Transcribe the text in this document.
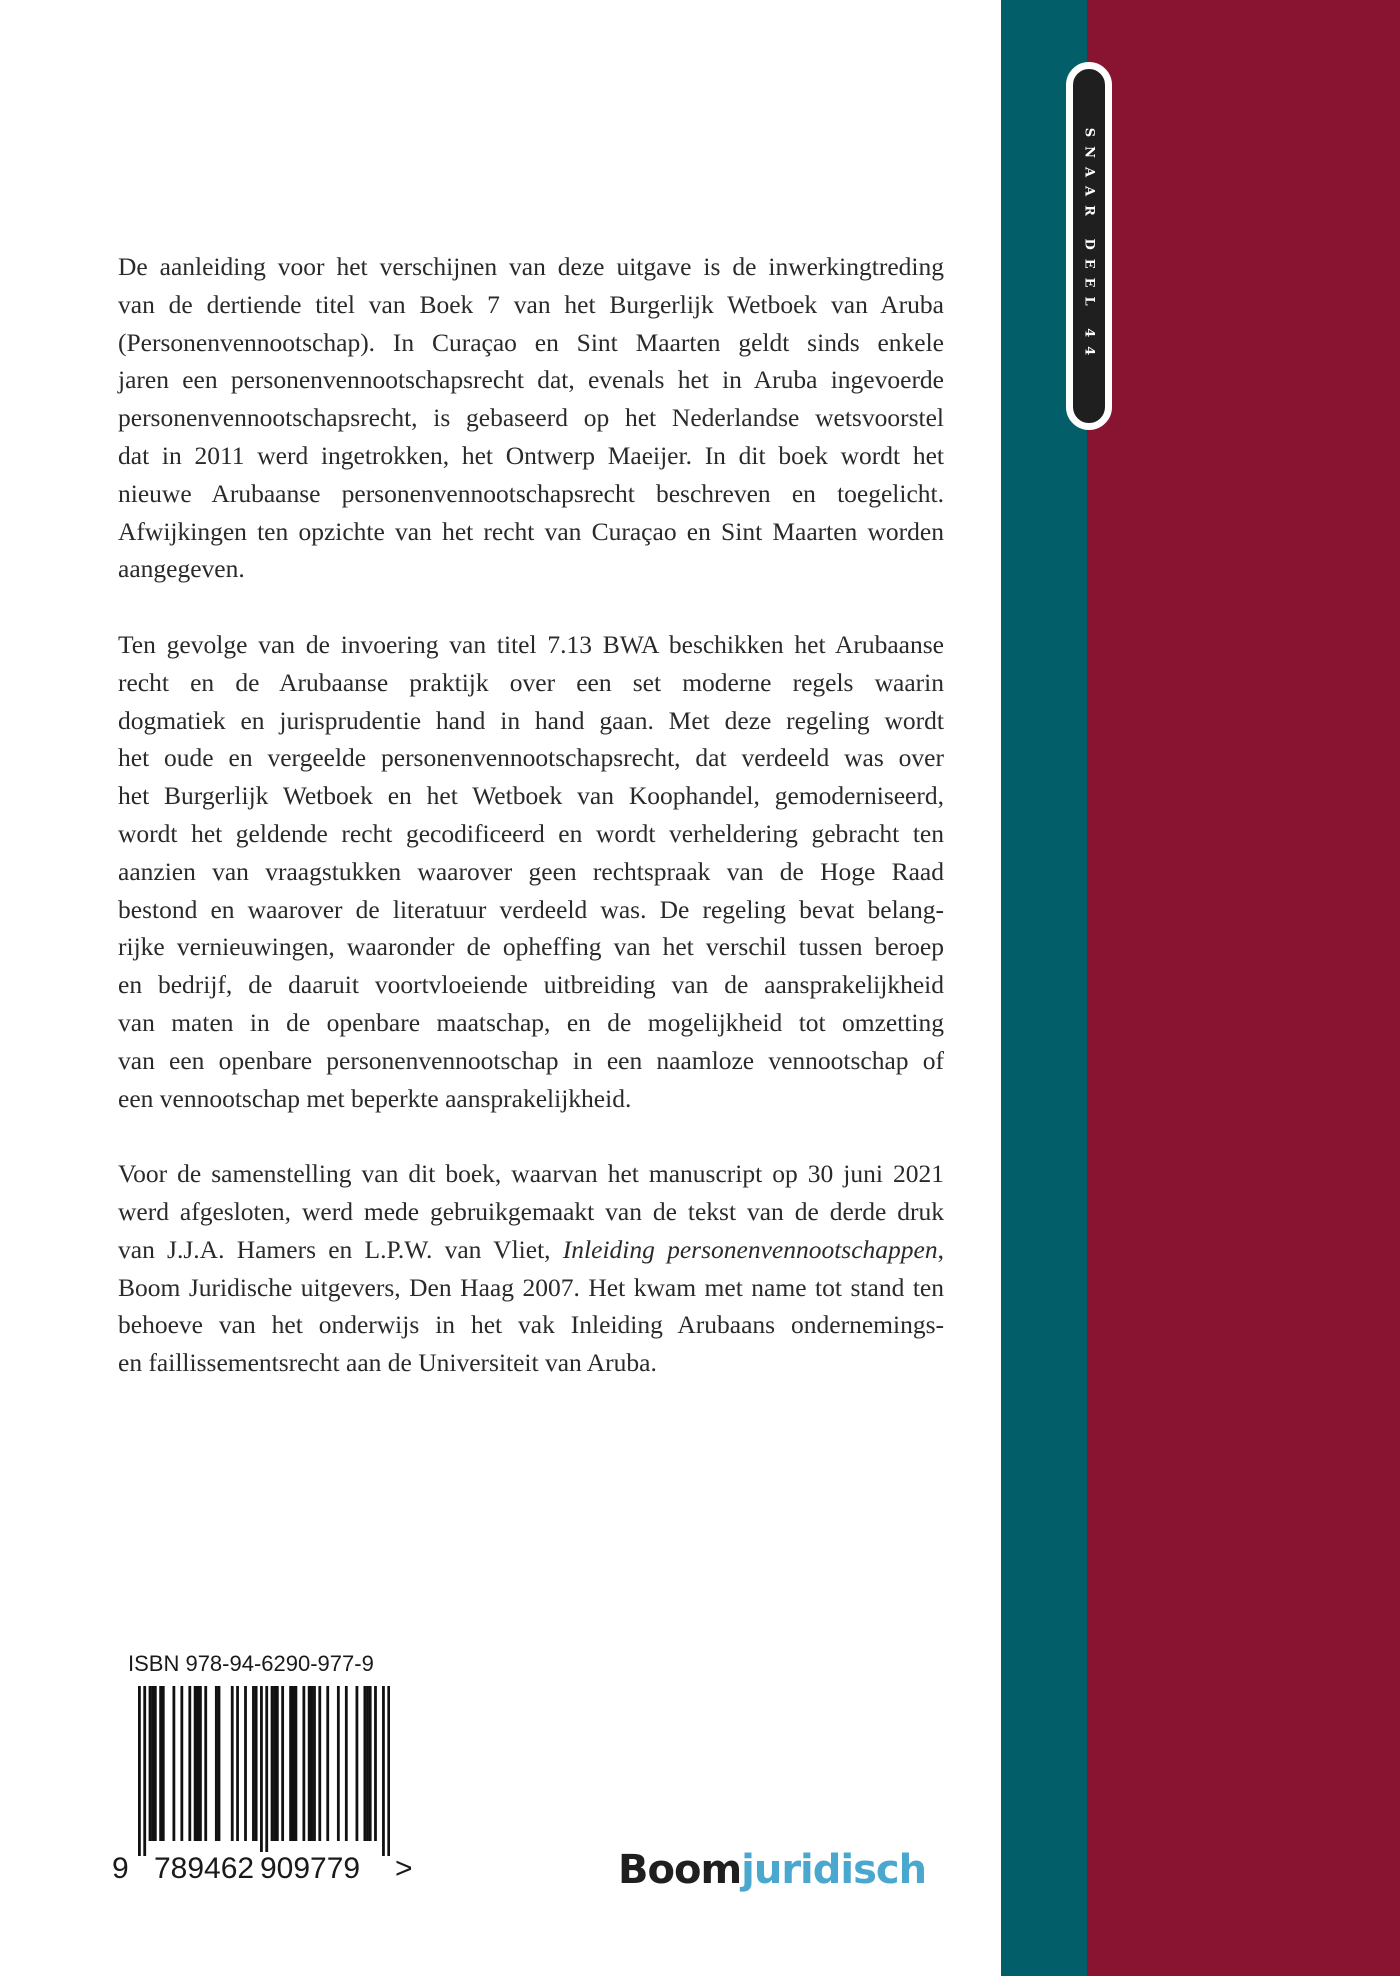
SNAAR DEEL 44
De aanleiding voor het verschijnen van deze uitgave is de inwerkingtreding
van de dertiende titel van Boek 7 van het Burgerlijk Wetboek van Aruba
(Personenvennootschap). In Curaçao en Sint Maarten geldt sinds enkele
jaren een personenvennootschapsrecht dat, evenals het in Aruba ingevoerde
personenvennootschapsrecht, is gebaseerd op het Nederlandse wetsvoorstel
dat in 2011 werd ingetrokken, het Ontwerp Maeijer. In dit boek wordt het
nieuwe Arubaanse personenvennootschapsrecht beschreven en toegelicht.
Afwijkingen ten opzichte van het recht van Curaçao en Sint Maarten worden
aangegeven.
Ten gevolge van de invoering van titel 7.13 BWA beschikken het Arubaanse
recht en de Arubaanse praktijk over een set moderne regels waarin
dogmatiek en jurisprudentie hand in hand gaan. Met deze regeling wordt
het oude en vergeelde personenvennootschapsrecht, dat verdeeld was over
het Burgerlijk Wetboek en het Wetboek van Koophandel, gemoderniseerd,
wordt het geldende recht gecodificeerd en wordt verheldering gebracht ten
aanzien van vraagstukken waarover geen rechtspraak van de Hoge Raad
bestond en waarover de literatuur verdeeld was. De regeling bevat belang-
rijke vernieuwingen, waaronder de opheffing van het verschil tussen beroep
en bedrijf, de daaruit voortvloeiende uitbreiding van de aansprakelijkheid
van maten in de openbare maatschap, en de mogelijkheid tot omzetting
van een openbare personenvennootschap in een naamloze vennootschap of
een vennootschap met beperkte aansprakelijkheid.
Voor de samenstelling van dit boek, waarvan het manuscript op 30 juni 2021
werd afgesloten, werd mede gebruikgemaakt van de tekst van de derde druk
van J.J.A. Hamers en L.P.W. van Vliet, Inleiding personenvennootschappen,
Boom Juridische uitgevers, Den Haag 2007. Het kwam met name tot stand ten
behoeve van het onderwijs in het vak Inleiding Arubaans ondernemings-
en faillissementsrecht aan de Universiteit van Aruba.
ISBN 978-94-6290-977-9
9 789462 909779 >	Boomjuridisch
